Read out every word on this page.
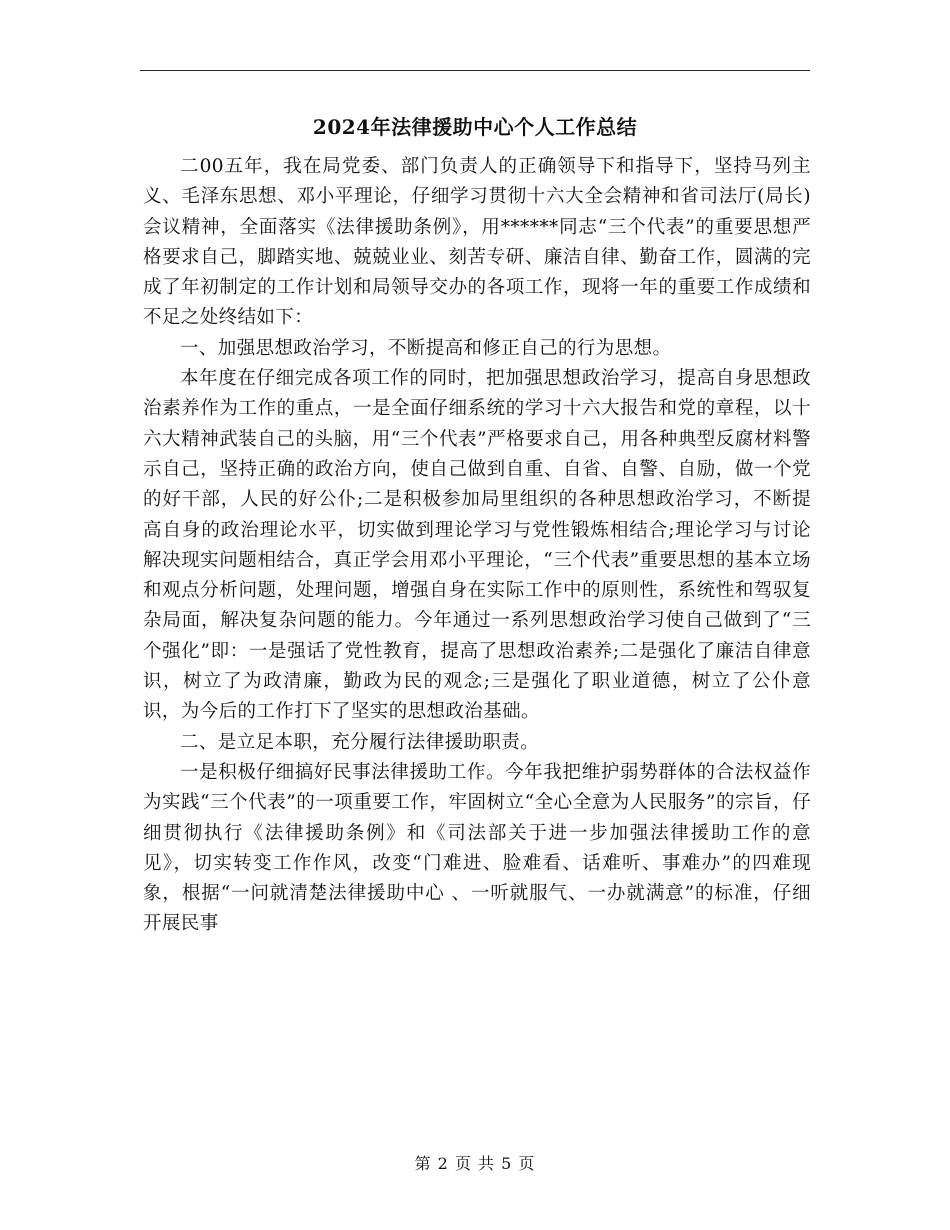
2024年法律援助中心个人工作总结

二00五年，我在局党委、部门负责人的正确领导下和指导下，坚持马列主义、毛泽东思想、邓小平理论，仔细学习贯彻十六大全会精神和省司法厅(局长)会议精神，全面落实《法律援助条例》，用******同志“三个代表”的重要思想严格要求自己，脚踏实地、兢兢业业、刻苦专研、廉洁自律、勤奋工作，圆满的完成了年初制定的工作计划和局领导交办的各项工作，现将一年的重要工作成绩和不足之处终结如下：

一、加强思想政治学习，不断提高和修正自己的行为思想。

本年度在仔细完成各项工作的同时，把加强思想政治学习，提高自身思想政治素养作为工作的重点，一是全面仔细系统的学习十六大报告和党的章程，以十六大精神武装自己的头脑，用“三个代表”严格要求自己，用各种典型反腐材料警示自己，坚持正确的政治方向，使自己做到自重、自省、自警、自励，做一个党的好干部，人民的好公仆;二是积极参加局里组织的各种思想政治学习，不断提高自身的政治理论水平，切实做到理论学习与党性锻炼相结合;理论学习与讨论解决现实问题相结合，真正学会用邓小平理论，“三个代表”重要思想的基本立场和观点分析问题，处理问题，增强自身在实际工作中的原则性，系统性和驾驭复杂局面，解决复杂问题的能力。今年通过一系列思想政治学习使自己做到了“三个强化”即：一是强话了党性教育，提高了思想政治素养;二是强化了廉洁自律意识，树立了为政清廉，勤政为民的观念;三是强化了职业道德，树立了公仆意识，为今后的工作打下了坚实的思想政治基础。

二、是立足本职，充分履行法律援助职责。

一是积极仔细搞好民事法律援助工作。今年我把维护弱势群体的合法权益作为实践“三个代表”的一项重要工作，牢固树立“全心全意为人民服务”的宗旨，仔细贯彻执行《法律援助条例》和《司法部关于进一步加强法律援助工作的意见》，切实转变工作作风，改变“门难进、脸难看、话难听、事难办”的四难现象，根据“一问就清楚法律援助中心 、一听就服气、一办就满意”的标准，仔细开展民事

第 2 页 共 5 页
